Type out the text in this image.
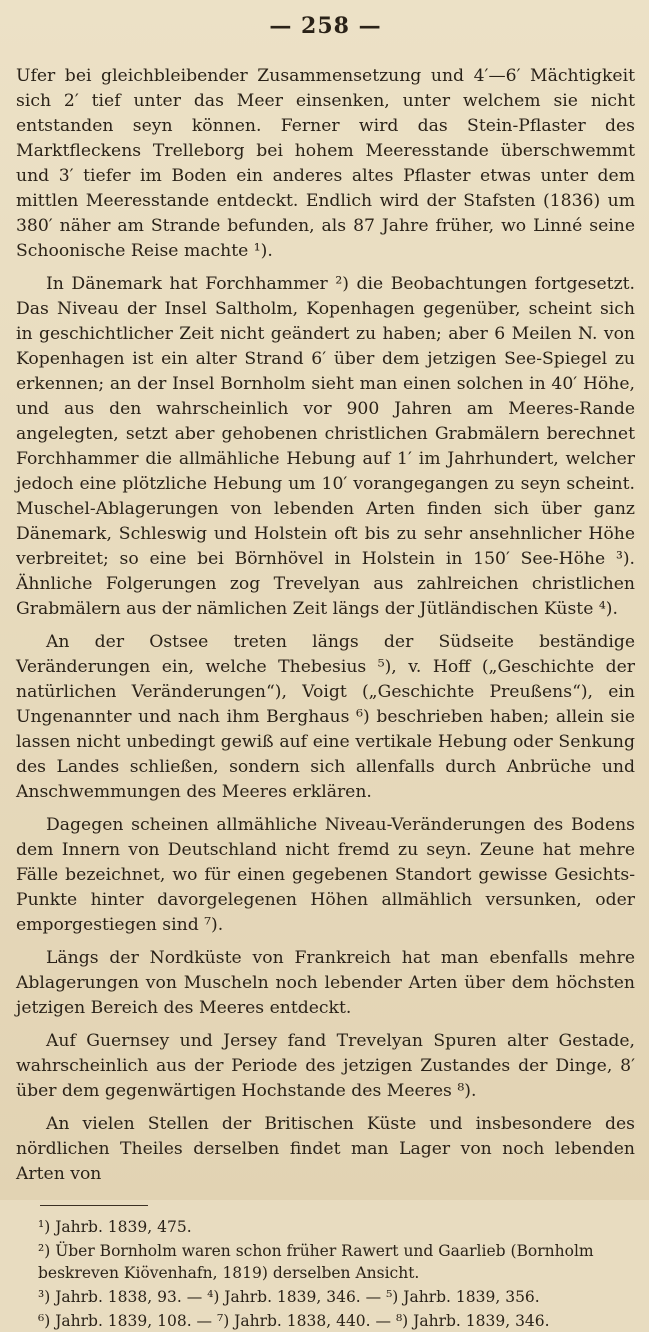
— 258 —

Ufer bei gleichbleibender Zusammensetzung und 4′—6′ Mächtigkeit sich 2′ tief unter das Meer einsenken, unter welchem sie nicht entstanden seyn können. Ferner wird das Stein-Pflaster des Marktfleckens Trelleborg bei hohem Meeresstande überschwemmt und 3′ tiefer im Boden ein anderes altes Pflaster etwas unter dem mittlen Meeresstande entdeckt. Endlich wird der Stafsten (1836) um 380′ näher am Strande befunden, als 87 Jahre früher, wo Linné seine Schoonische Reise machte ¹).

In Dänemark hat Forchhammer ²) die Beobachtungen fortgesetzt. Das Niveau der Insel Saltholm, Kopenhagen gegenüber, scheint sich in geschichtlicher Zeit nicht geändert zu haben; aber 6 Meilen N. von Kopenhagen ist ein alter Strand 6′ über dem jetzigen See-Spiegel zu erkennen; an der Insel Bornholm sieht man einen solchen in 40′ Höhe, und aus den wahrscheinlich vor 900 Jahren am Meeres-Rande angelegten, setzt aber gehobenen christlichen Grabmälern berechnet Forchhammer die allmähliche Hebung auf 1′ im Jahrhundert, welcher jedoch eine plötzliche Hebung um 10′ vorangegangen zu seyn scheint. Muschel-Ablagerungen von lebenden Arten finden sich über ganz Dänemark, Schleswig und Holstein oft bis zu sehr ansehnlicher Höhe verbreitet; so eine bei Börnhövel in Holstein in 150′ See-Höhe ³). Ähnliche Folgerungen zog Trevelyan aus zahlreichen christlichen Grabmälern aus der nämlichen Zeit längs der Jütländischen Küste ⁴).

An der Ostsee treten längs der Südseite beständige Veränderungen ein, welche Thebesius ⁵), v. Hoff („Geschichte der natürlichen Veränderungen“), Voigt („Geschichte Preußens“), ein Ungenannter und nach ihm Berghaus ⁶) beschrieben haben; allein sie lassen nicht unbedingt gewiß auf eine vertikale Hebung oder Senkung des Landes schließen, sondern sich allenfalls durch Anbrüche und Anschwemmungen des Meeres erklären.

Dagegen scheinen allmähliche Niveau-Veränderungen des Bodens dem Innern von Deutschland nicht fremd zu seyn. Zeune hat mehre Fälle bezeichnet, wo für einen gegebenen Standort gewisse Gesichts-Punkte hinter davorgelegenen Höhen allmählich versunken, oder emporgestiegen sind ⁷).

Längs der Nordküste von Frankreich hat man ebenfalls mehre Ablagerungen von Muscheln noch lebender Arten über dem höchsten jetzigen Bereich des Meeres entdeckt.

Auf Guernsey und Jersey fand Trevelyan Spuren alter Gestade, wahrscheinlich aus der Periode des jetzigen Zustandes der Dinge, 8′ über dem gegenwärtigen Hochstande des Meeres ⁸).

An vielen Stellen der Britischen Küste und insbesondere des nördlichen Theiles derselben findet man Lager von noch lebenden Arten von

¹) Jahrb. 1839, 475.

²) Über Bornholm waren schon früher Rawert und Gaarlieb (Bornholm beskreven Kiövenhafn, 1819) derselben Ansicht.

³) Jahrb. 1838, 93. — ⁴) Jahrb. 1839, 346. — ⁵) Jahrb. 1839, 356.

⁶) Jahrb. 1839, 108. — ⁷) Jahrb. 1838, 440. — ⁸) Jahrb. 1839, 346.
